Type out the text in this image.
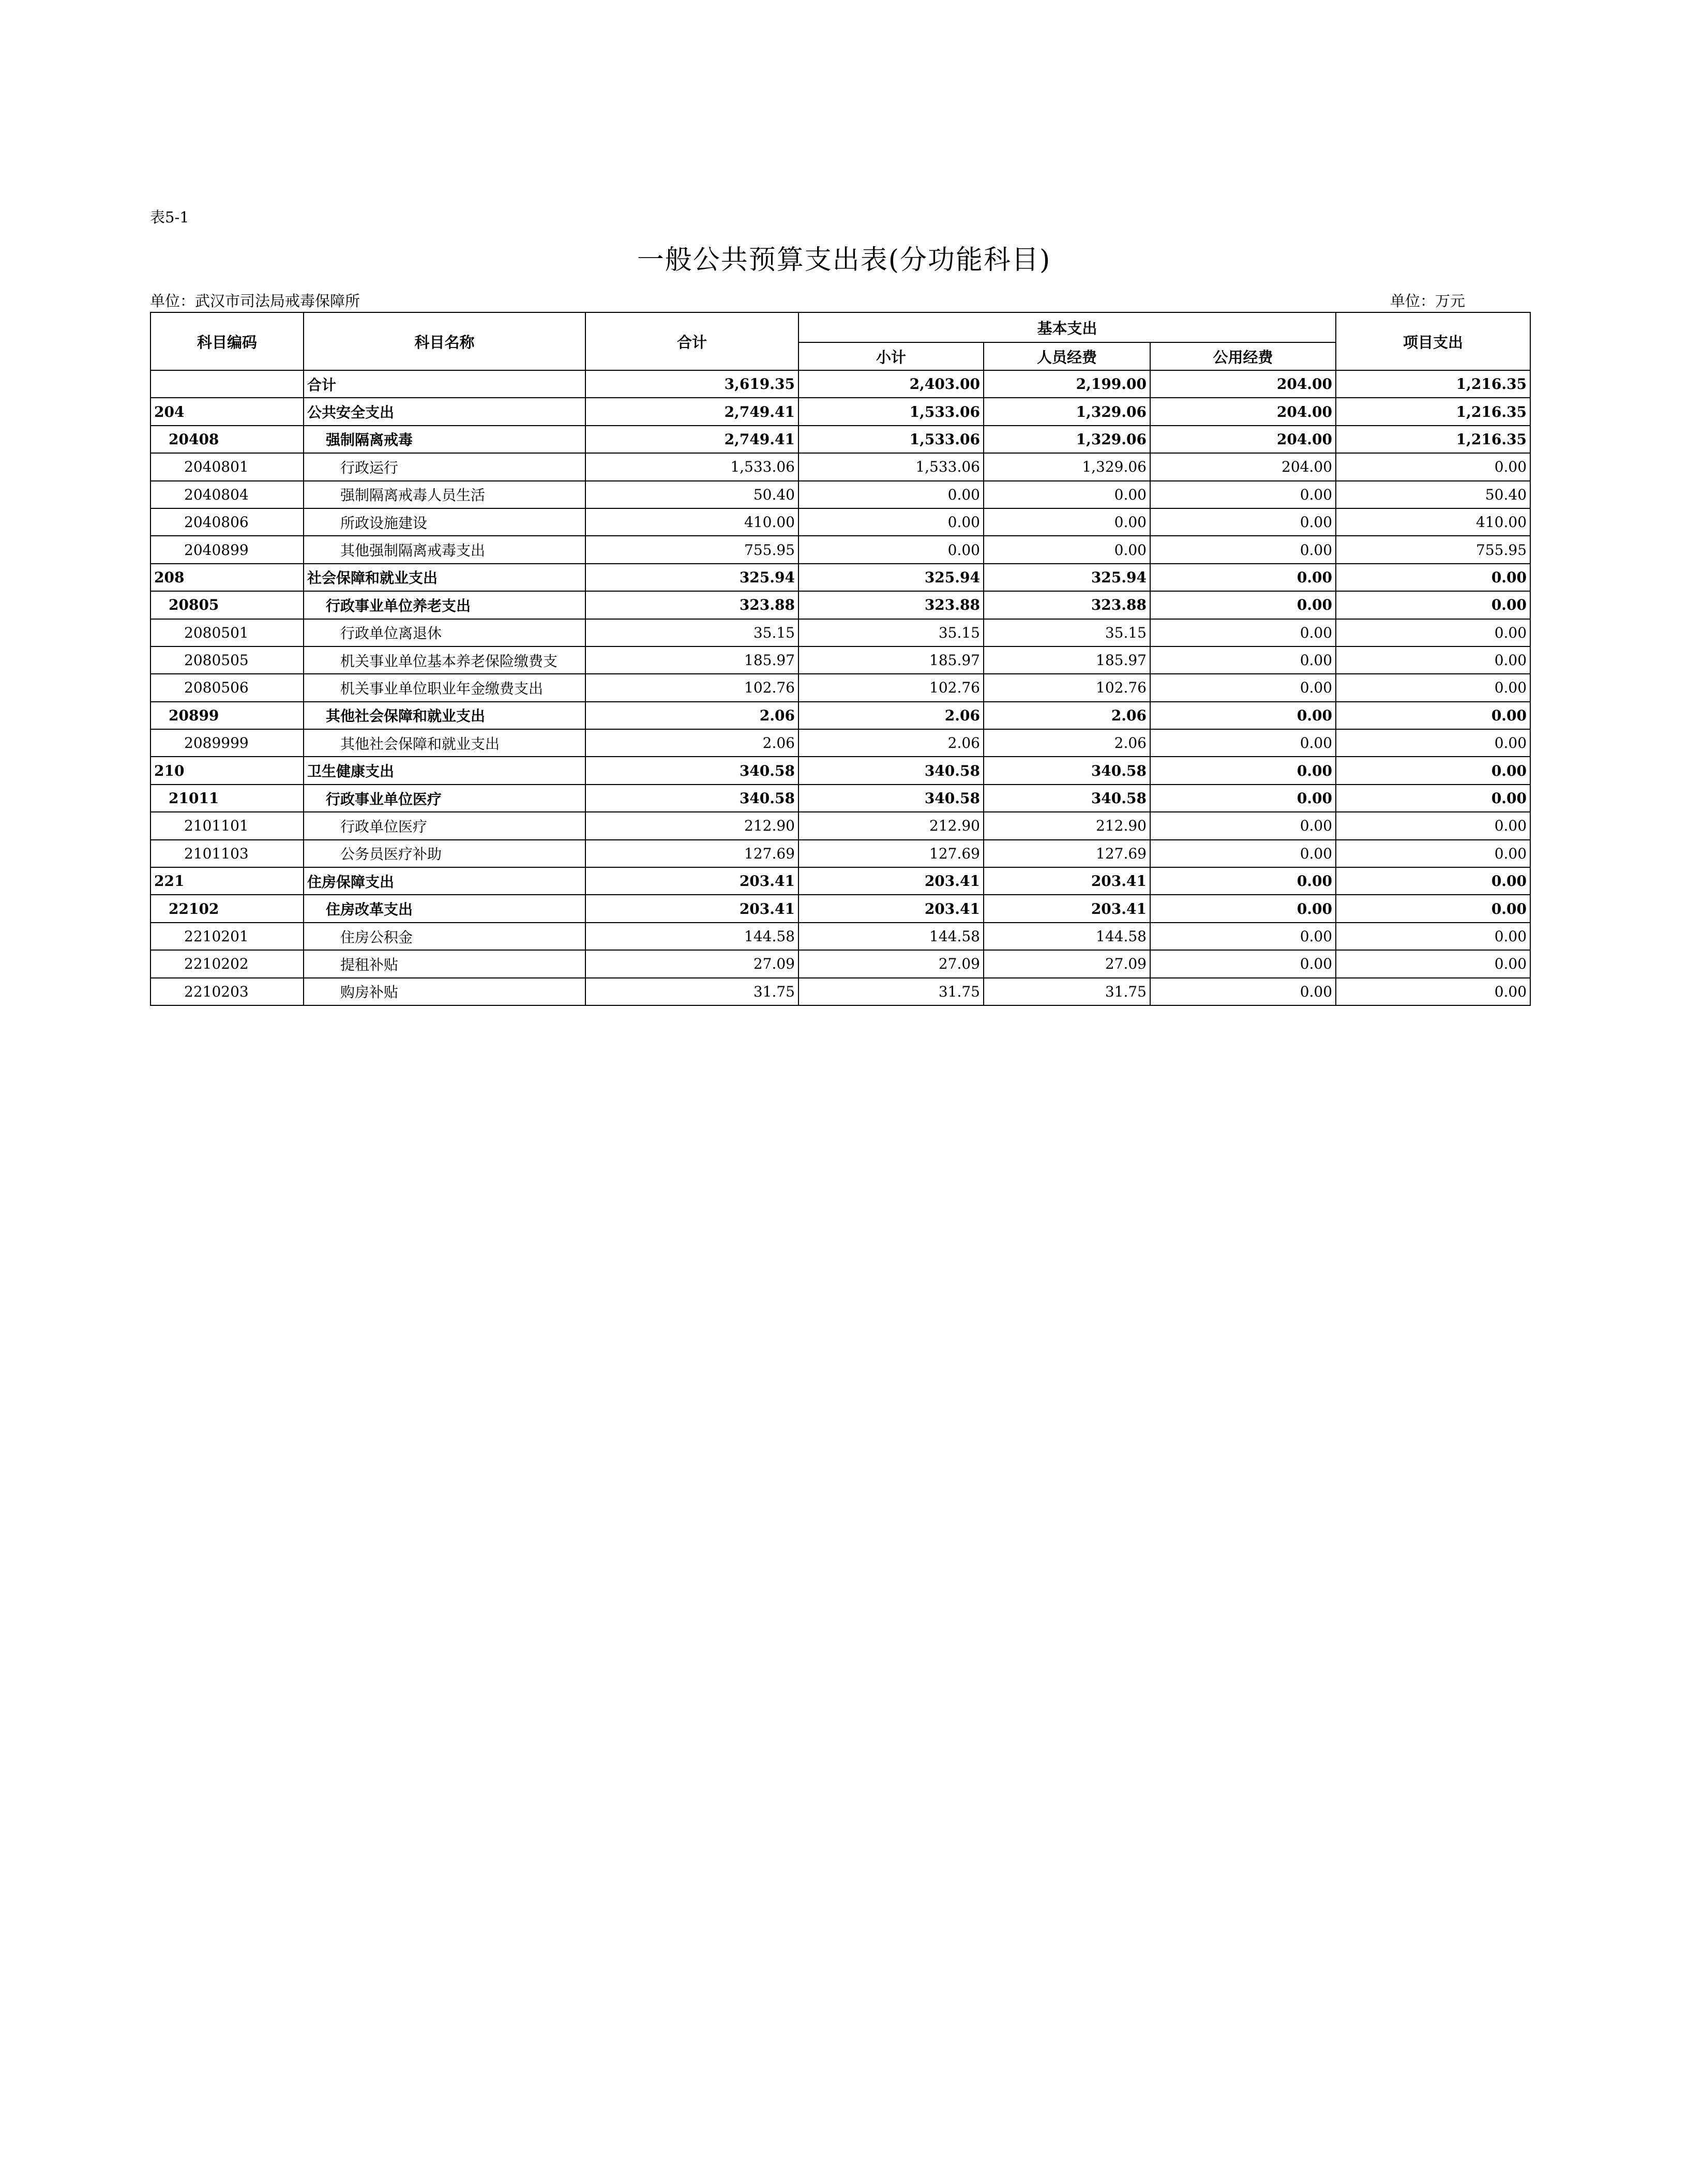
表5-1
一般公共预算支出表(分功能科目)
单位：武汉市司法局戒毒保障所	单位：万元
科目编码	科目名称	合计	基本支出			项目支出
			小计	人员经费	公用经费	
	合计	3,619.35	2,403.00	2,199.00	204.00	1,216.35
204	公共安全支出	2,749.41	1,533.06	1,329.06	204.00	1,216.35
20408	强制隔离戒毒	2,749.41	1,533.06	1,329.06	204.00	1,216.35
2040801	行政运行	1,533.06	1,533.06	1,329.06	204.00	0.00
2040804	强制隔离戒毒人员生活	50.40	0.00	0.00	0.00	50.40
2040806	所政设施建设	410.00	0.00	0.00	0.00	410.00
2040899	其他强制隔离戒毒支出	755.95	0.00	0.00	0.00	755.95
208	社会保障和就业支出	325.94	325.94	325.94	0.00	0.00
20805	行政事业单位养老支出	323.88	323.88	323.88	0.00	0.00
2080501	行政单位离退休	35.15	35.15	35.15	0.00	0.00
2080505	机关事业单位基本养老保险缴费支	185.97	185.97	185.97	0.00	0.00
2080506	机关事业单位职业年金缴费支出	102.76	102.76	102.76	0.00	0.00
20899	其他社会保障和就业支出	2.06	2.06	2.06	0.00	0.00
2089999	其他社会保障和就业支出	2.06	2.06	2.06	0.00	0.00
210	卫生健康支出	340.58	340.58	340.58	0.00	0.00
21011	行政事业单位医疗	340.58	340.58	340.58	0.00	0.00
2101101	行政单位医疗	212.90	212.90	212.90	0.00	0.00
2101103	公务员医疗补助	127.69	127.69	127.69	0.00	0.00
221	住房保障支出	203.41	203.41	203.41	0.00	0.00
22102	住房改革支出	203.41	203.41	203.41	0.00	0.00
2210201	住房公积金	144.58	144.58	144.58	0.00	0.00
2210202	提租补贴	27.09	27.09	27.09	0.00	0.00
2210203	购房补贴	31.75	31.75	31.75	0.00	0.00
